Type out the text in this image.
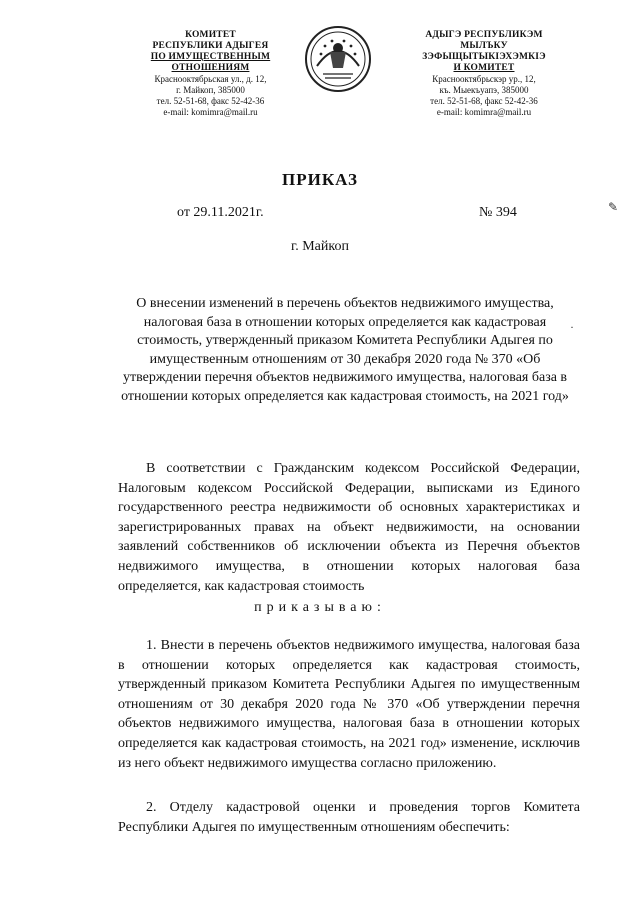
КОМИТЕТ
РЕСПУБЛИКИ АДЫГЕЯ
ПО ИМУЩЕСТВЕННЫМ ОТНОШЕНИЯМ
Краснооктябрьская ул., д. 12,
г. Майкоп, 385000
тел. 52-51-68, факс 52-42-36
e-mail: komimra@mail.ru
АДЫГЭ РЕСПУБЛИКЭМ
МЫЛЪКУ ЗЭФЫЩЫТЫКIЭХЭМКIЭ
И КОМИТЕТ
Краснооктябрьскэр ур., 12,
къ. Мыекъуапэ, 385000
тел. 52-51-68, факс 52-42-36
e-mail: komimra@mail.ru
ПРИКАЗ
от 29.11.2021г.	№ 394
г. Майкоп
О внесении изменений в перечень объектов недвижимого имущества, налоговая база в отношении которых определяется как кадастровая стоимость, утвержденный приказом Комитета Республики Адыгея по имущественным отношениям от 30 декабря 2020 года № 370 «Об утверждении перечня объектов недвижимого имущества, налоговая база в отношении которых определяется как кадастровая стоимость, на 2021 год»
В соответствии с Гражданским кодексом Российской Федерации, Налоговым кодексом Российской Федерации, выписками из Единого государственного реестра недвижимости об основных характеристиках и зарегистрированных правах на объект недвижимости, на основании заявлений собственников об исключении объекта из Перечня объектов недвижимого имущества, в отношении которых налоговая база определяется, как кадастровая стоимость
приказываю:
1. Внести в перечень объектов недвижимого имущества, налоговая база в отношении которых определяется как кадастровая стоимость, утвержденный приказом Комитета Республики Адыгея по имущественным отношениям от 30 декабря 2020 года № 370 «Об утверждении перечня объектов недвижимого имущества, налоговая база в отношении которых определяется как кадастровая стоимость, на 2021 год» изменение, исключив из него объект недвижимого имущества согласно приложению.
2. Отделу кадастровой оценки и проведения торгов Комитета Республики Адыгея по имущественным отношениям обеспечить:
✎
·
